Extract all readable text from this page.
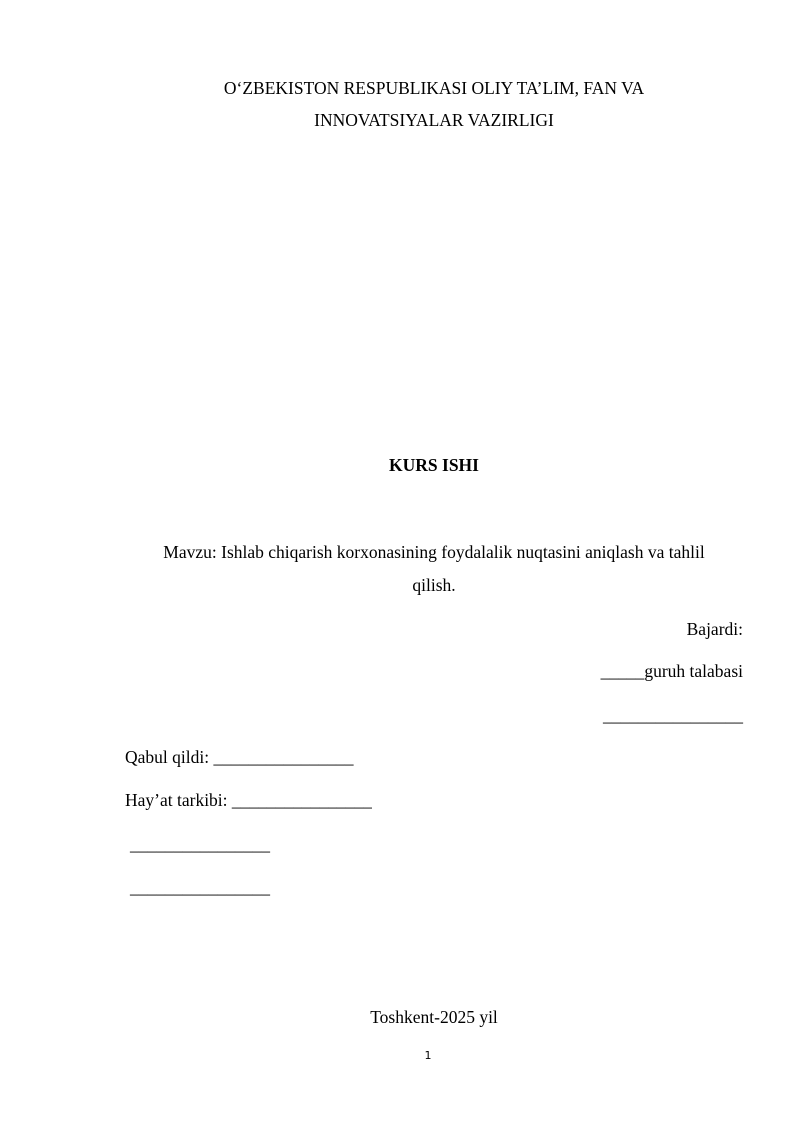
O‘ZBEKISTON RESPUBLIKASI OLIY TA’LIM, FAN VA
INNOVATSIYALAR VAZIRLIGI
KURS ISHI
Mavzu: Ishlab chiqarish korxonasining foydalalik nuqtasini aniqlash va tahlil
qilish.
Bajardi:
_____guruh talabasi
________________
Qabul qildi: ________________
Hay’at tarkibi: ________________
________________
________________
Toshkent-2025 yil
1
